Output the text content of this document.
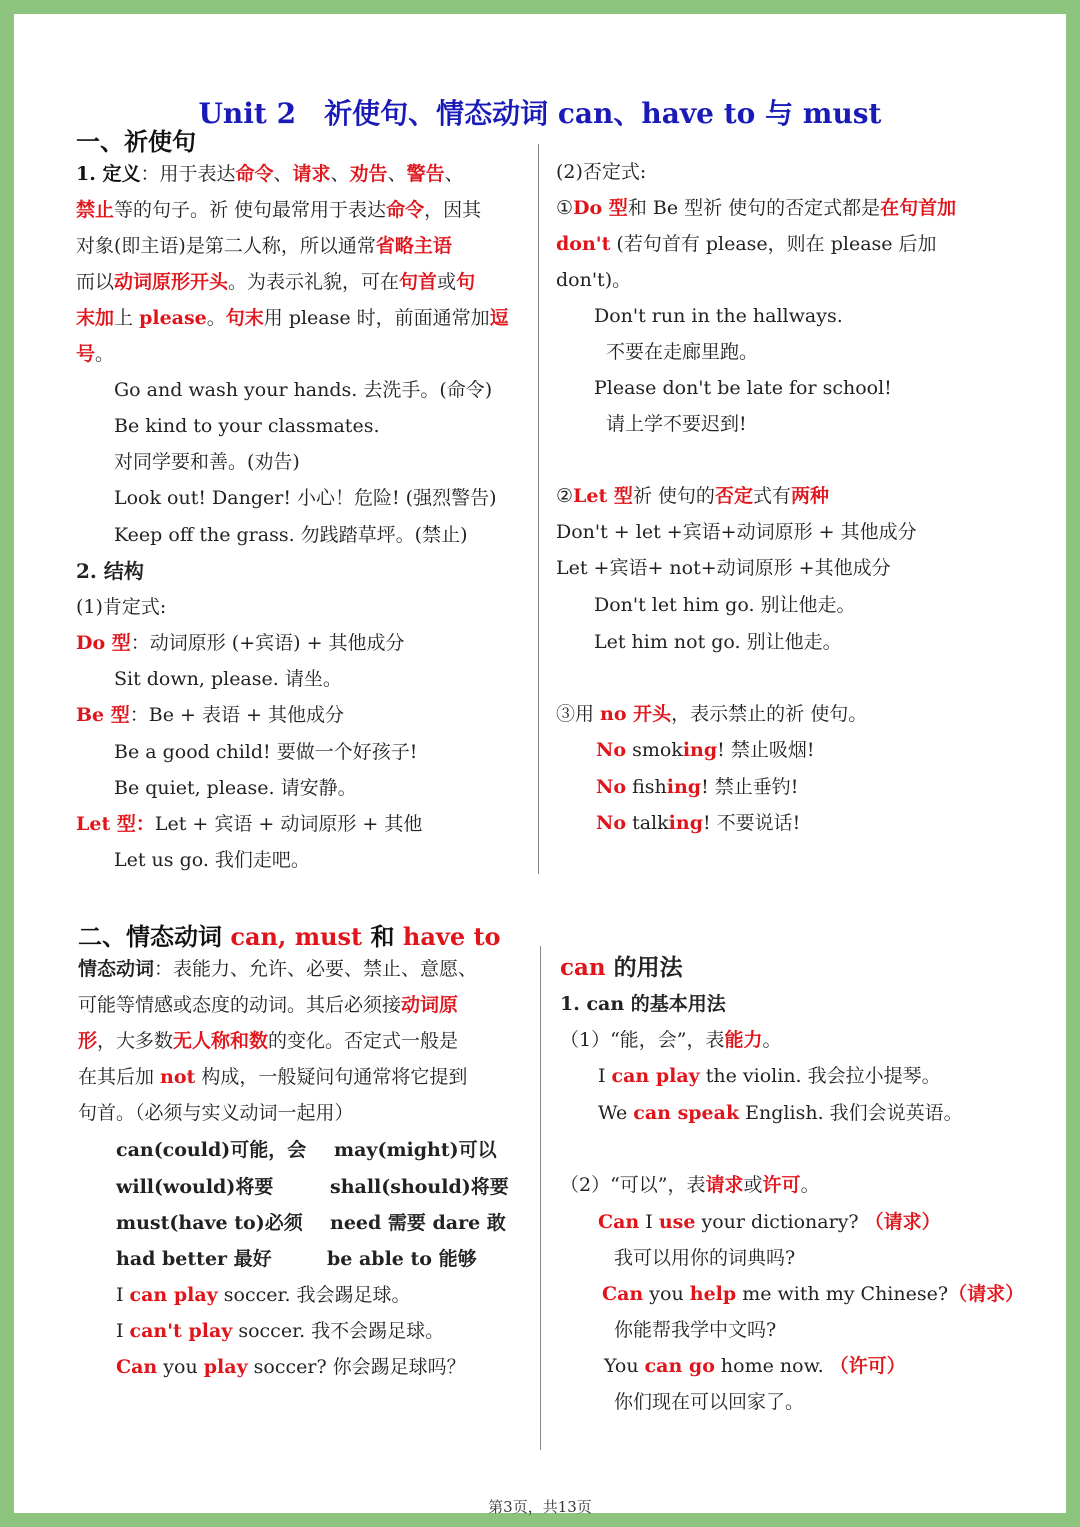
Unit 2　祈使句、情态动词 can、have to 与 must
一、祈使句
1. 定义：用于表达命令、请求、劝告、警告、
禁止等的句子。祈 使句最常用于表达命令，因其
对象(即主语)是第二人称，所以通常省略主语
而以动词原形开头。为表示礼貌，可在句首或句
末加上 please。句末用 please 时，前面通常加逗
号。
Go and wash your hands. 去洗手。(命令)
Be kind to your classmates.
对同学要和善。(劝告)
Look out! Danger! 小心！危险! (强烈警告)
Keep off the grass. 勿践踏草坪。(禁止)
2. 结构
(1)肯定式:
Do 型：动词原形 (+宾语) + 其他成分
Sit down, please. 请坐。
Be 型：Be + 表语 + 其他成分
Be a good child! 要做一个好孩子!
Be quiet, please. 请安静。
Let 型：Let + 宾语 + 动词原形 + 其他
Let us go. 我们走吧。
(2)否定式:
①Do 型和 Be 型祈 使句的否定式都是在句首加
don't (若句首有 please，则在 please 后加
don't)。
Don't run in the hallways.
不要在走廊里跑。
Please don't be late for school!
请上学不要迟到!
②Let 型祈 使句的否定式有两种
Don't + let +宾语+动词原形 + 其他成分
Let +宾语+ not+动词原形 +其他成分
Don't let him go. 别让他走。
Let him not go. 别让他走。
③用 no 开头，表示禁止的祈 使句。
No smoking! 禁止吸烟!
No fishing! 禁止垂钓!
No talking! 不要说话!
二、情态动词 can, must 和 have to
情态动词：表能力、允许、必要、禁止、意愿、
可能等情感或态度的动词。其后必须接动词原
形，大多数无人称和数的变化。否定式一般是
在其后加 not 构成，一般疑问句通常将它提到
句首。（必须与实义动词一起用）
can(could)可能，会 may(might)可以
will(would)将要	shall(should)将要
must(have to)必须 need 需要 dare 敢
had better 最好	be able to 能够
I can play soccer. 我会踢足球。
I can't play soccer. 我不会踢足球。
Can you play soccer? 你会踢足球吗？
can 的用法
1. can 的基本用法
（1）“能，会”，表能力。
I can play the violin. 我会拉小提琴。
We can speak English. 我们会说英语。
（2）“可以”，表请求或许可。
Can I use your dictionary? （请求）
我可以用你的词典吗?
Can you help me with my Chinese?（请求）
你能帮我学中文吗?
You can go home now. （许可）
你们现在可以回家了。
第3页，共13页
